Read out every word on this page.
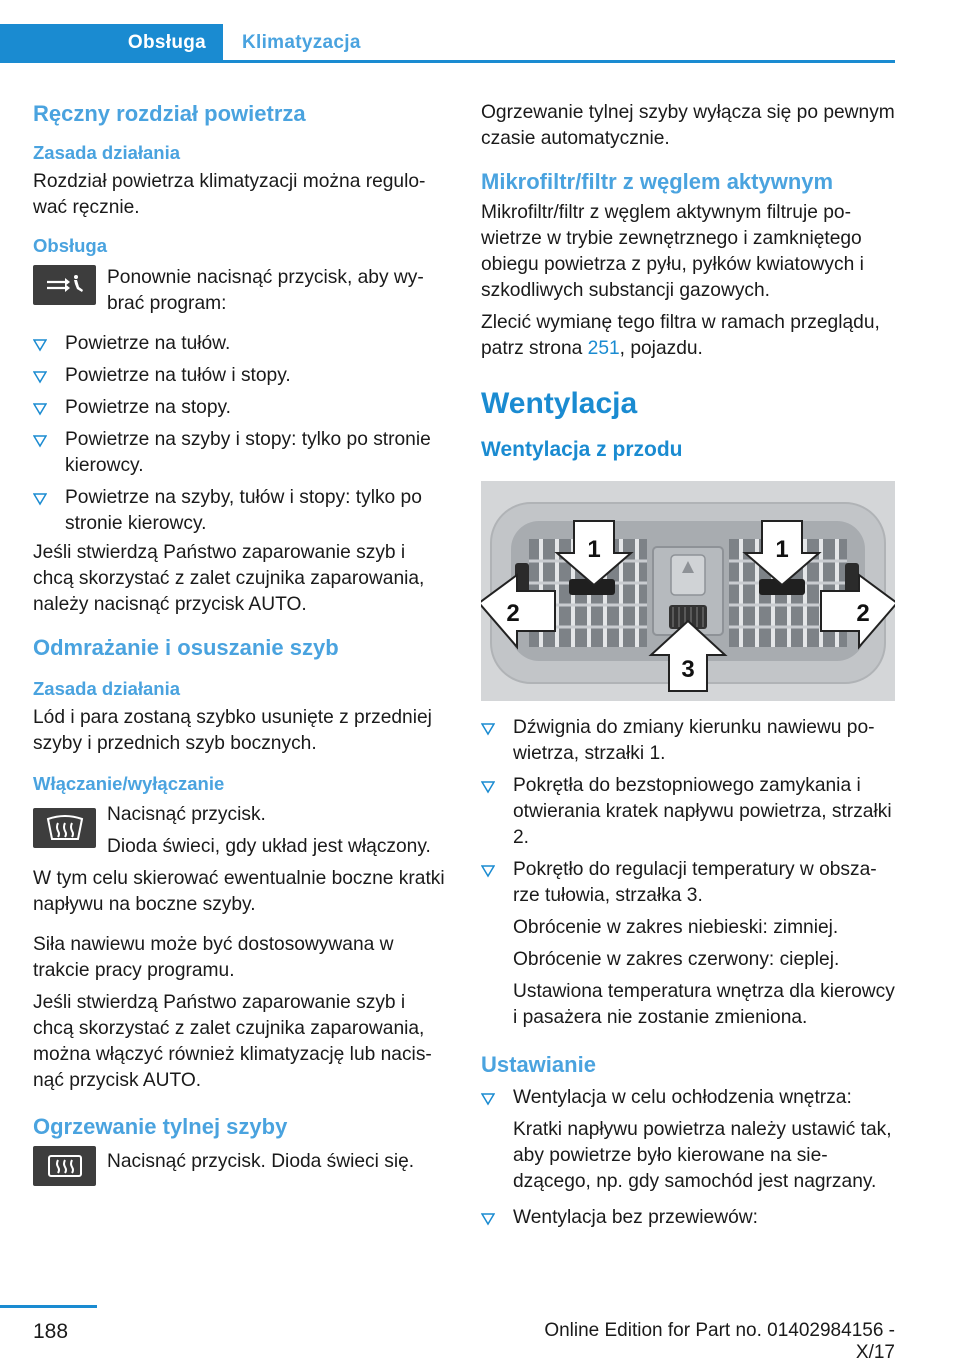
Obsługa	Klimatyzacja

Ręczny rozdział powietrza

Zasada działania

Rozdział powietrza klimatyzacji można regulować ręcznie.

Obsługa

Ponownie nacisnąć przycisk, aby wybrać program:

Powietrze na tułów.
Powietrze na tułów i stopy.
Powietrze na stopy.
Powietrze na szyby i stopy: tylko po stronie kierowcy.
Powietrze na szyby, tułów i stopy: tylko po stronie kierowcy.

Jeśli stwierdzą Państwo zaparowanie szyb i chcą skorzystać z zalet czujnika zaparowania, należy nacisnąć przycisk AUTO.

Odmrażanie i osuszanie szyb

Zasada działania

Lód i para zostaną szybko usunięte z przedniej szyby i przednich szyb bocznych.

Włączanie/wyłączanie

Nacisnąć przycisk.

Dioda świeci, gdy układ jest włączony.

W tym celu skierować ewentualnie boczne kratki napływu na boczne szyby.

Siła nawiewu może być dostosowywana w trakcie pracy programu.

Jeśli stwierdzą Państwo zaparowanie szyb i chcą skorzystać z zalet czujnika zaparowania, można włączyć również klimatyzację lub nacisnąć przycisk AUTO.

Ogrzewanie tylnej szyby

Nacisnąć przycisk. Dioda świeci się.

Ogrzewanie tylnej szyby wyłącza się po pewnym czasie automatycznie.

Mikrofiltr/filtr z węglem aktywnym

Mikrofiltr/filtr z węglem aktywnym filtruje powietrze w trybie zewnętrznego i zamkniętego obiegu powietrza z pyłu, pyłków kwiatowych i szkodliwych substancji gazowych.

Zlecić wymianę tego filtra w ramach przeglądu, patrz strona 251, pojazdu.

Wentylacja

Wentylacja z przodu

1	1
2	2
3
Dźwignia do zmiany kierunku nawiewu powietrza, strzałki 1.
Pokrętła do bezstopniowego zamykania i otwierania kratek napływu powietrza, strzałki 2.
Pokrętło do regulacji temperatury w obszarze tułowia, strzałka 3.

Obrócenie w zakres niebieski: zimniej.

Obrócenie w zakres czerwony: cieplej.

Ustawiona temperatura wnętrza dla kierowcy i pasażera nie zostanie zmieniona.

Ustawianie

Wentylacja w celu ochłodzenia wnętrza:

Kratki napływu powietrza należy ustawić tak, aby powietrze było kierowane na siedzącego, np. gdy samochód jest nagrzany.

Wentylacja bez przewiewów:
188	Online Edition for Part no. 01402984156 - X/17
